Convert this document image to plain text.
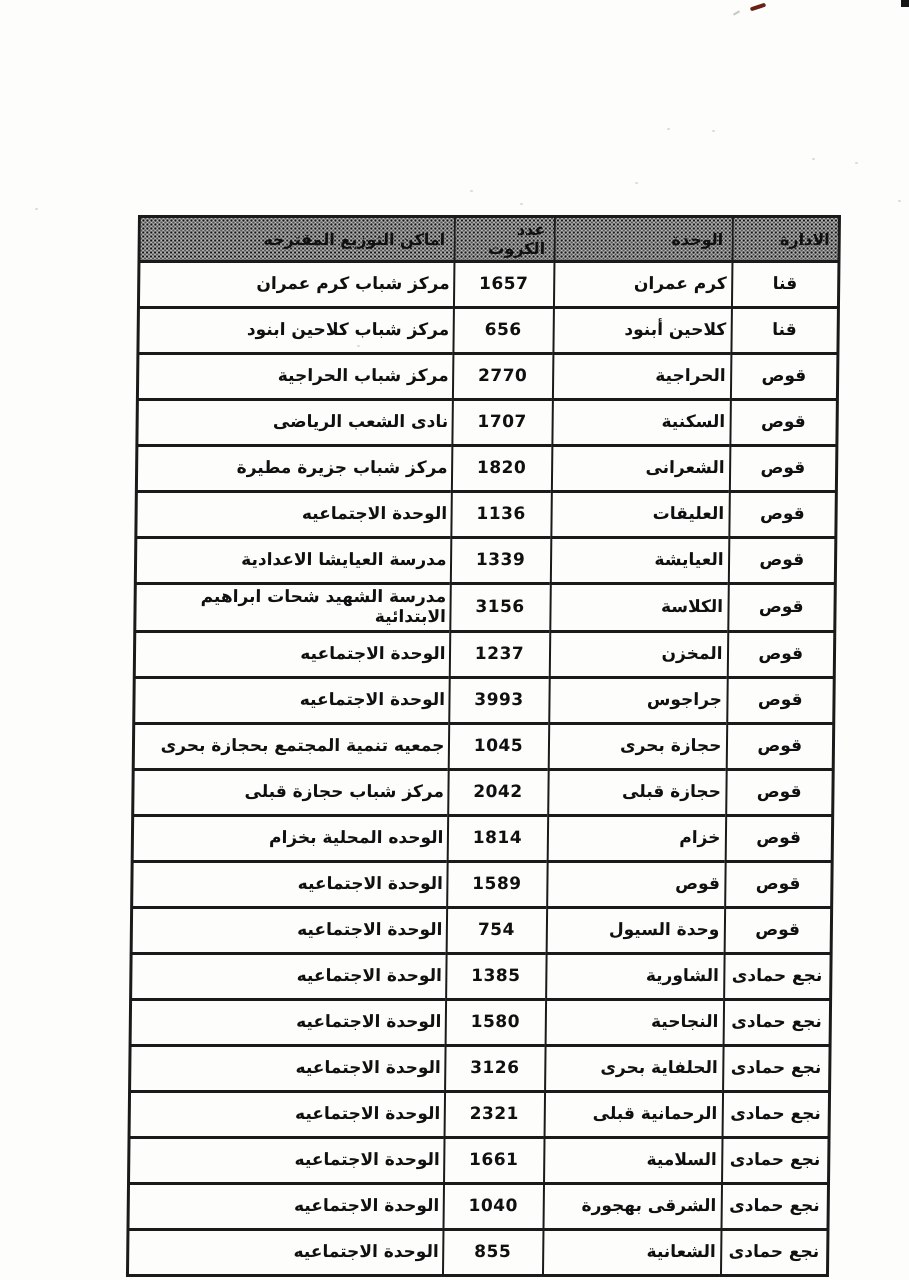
الادارة	الوحدة	عدد الكروت	اماكن التوزيع المقترحه
قنا	كرم عمران	1657	مركز شباب كرم عمران
قنا	كلاحين أبنود	656	مركز شباب كلاحين ابنود
قوص	الحراجية	2770	مركز شباب الحراجية
قوص	السكنية	1707	نادى الشعب الرياضى
قوص	الشعرانى	1820	مركز شباب جزيرة مطيرة
قوص	العليقات	1136	الوحدة الاجتماعيه
قوص	العيايشة	1339	مدرسة العيايشا الاعدادية
قوص	الكلاسة	3156	مدرسة الشهيد شحات ابراهيم الابتدائية
قوص	المخزن	1237	الوحدة الاجتماعيه
قوص	جراجوس	3993	الوحدة الاجتماعيه
قوص	حجازة بحرى	1045	جمعيه تنمية المجتمع بحجازة بحرى
قوص	حجازة قبلى	2042	مركز شباب حجازة قبلى
قوص	خزام	1814	الوحده المحلية بخزام
قوص	قوص	1589	الوحدة الاجتماعيه
قوص	وحدة السيول	754	الوحدة الاجتماعيه
نجع حمادى	الشاورية	1385	الوحدة الاجتماعيه
نجع حمادى	النجاحية	1580	الوحدة الاجتماعيه
نجع حمادى	الحلفاية بحرى	3126	الوحدة الاجتماعيه
نجع حمادى	الرحمانية قبلى	2321	الوحدة الاجتماعيه
نجع حمادى	السلامية	1661	الوحدة الاجتماعيه
نجع حمادى	الشرقى بهجورة	1040	الوحدة الاجتماعيه
نجع حمادى	الشعانية	855	الوحدة الاجتماعيه
